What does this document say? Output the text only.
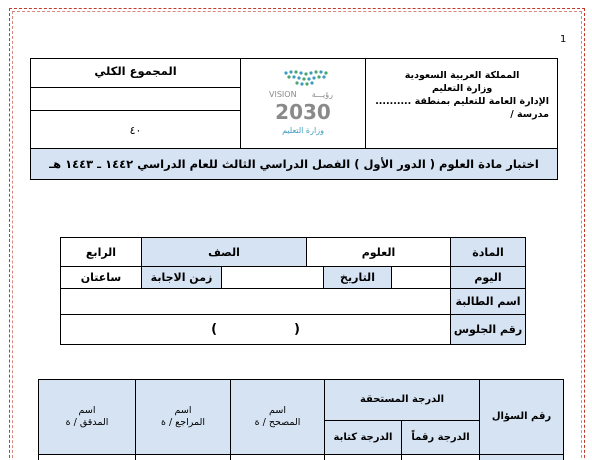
1
المجموع الكلي
٤٠
VISION رؤيـــة
2030
وزارة التعليم
المملكة العربية السعودية
وزارة التعليم
الإدارة العامة للتعليم بمنطقة ..........
مدرسة /
اختبار مادة العلوم ( الدور الأول ) الفصل الدراسي الثالث للعام الدراسي ١٤٤٢ ـ ١٤٤٣ هـ
المادة
العلوم
الصف
الرابع
اليوم
التاريخ
زمن الاجابة
ساعتان
اسم الطالبة
رقم الجلوس
(                 )
رقم السؤال
الدرجة المستحقة
الدرجة رقماً
الدرجة كتابة
اسم
المصحح / ة
اسم
المراجع / ة
اسم
المدقق / ة
